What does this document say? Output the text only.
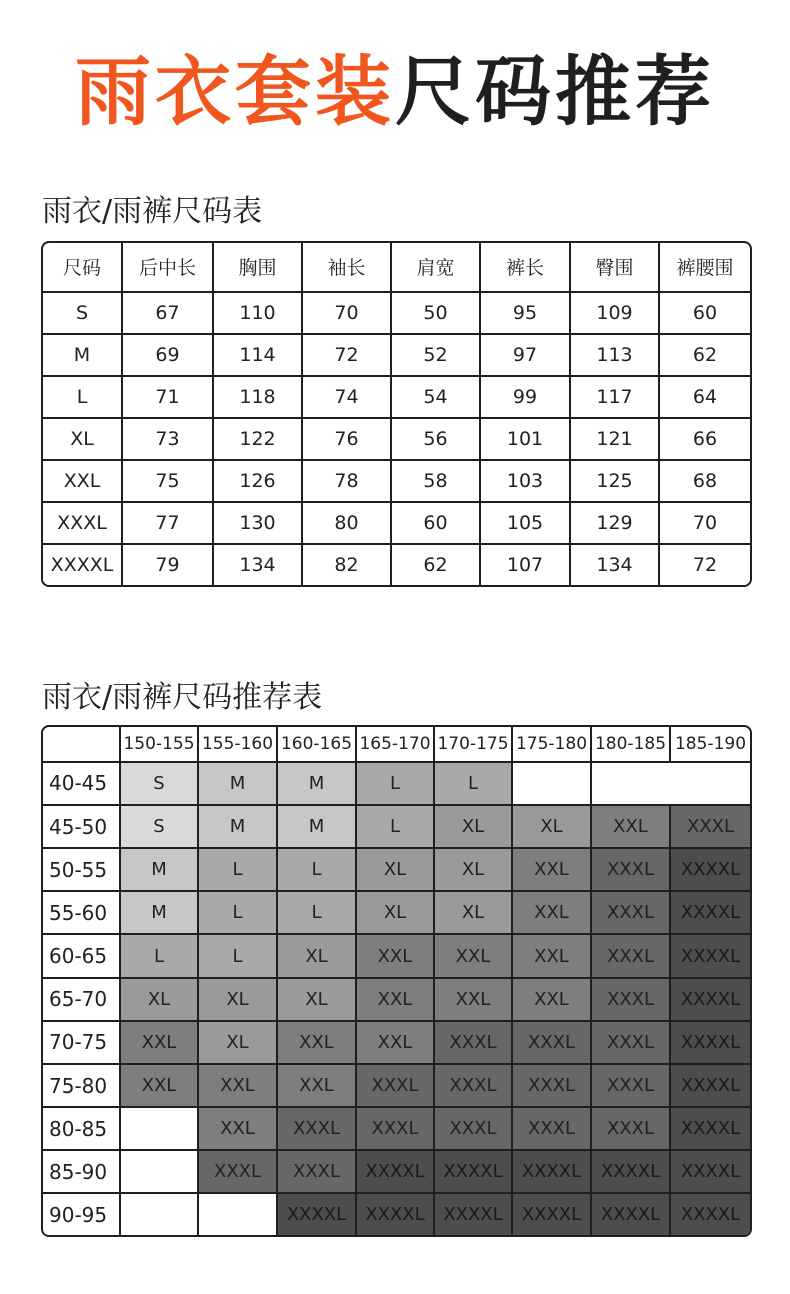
雨衣套装尺码推荐
雨衣/雨裤尺码表
尺码	后中长	胸围	袖长	肩宽	裤长	臀围	裤腰围
S	67	110	70	50	95	109	60
M	69	114	72	52	97	113	62
L	71	118	74	54	99	117	64
XL	73	122	76	56	101	121	66
XXL	75	126	78	58	103	125	68
XXXL	77	130	80	60	105	129	70
XXXXL	79	134	82	62	107	134	72
雨衣/雨裤尺码推荐表
	150-155	155-160	160-165	165-170	170-175	175-180	180-185	185-190
40-45	S	M	M	L	L			
45-50	S	M	M	L	XL	XL	XXL	XXXL
50-55	M	L	L	XL	XL	XXL	XXXL	XXXXL
55-60	M	L	L	XL	XL	XXL	XXXL	XXXXL
60-65	L	L	XL	XXL	XXL	XXL	XXXL	XXXXL
65-70	XL	XL	XL	XXL	XXL	XXL	XXXL	XXXXL
70-75	XXL	XL	XXL	XXL	XXXL	XXXL	XXXL	XXXXL
75-80	XXL	XXL	XXL	XXXL	XXXL	XXXL	XXXL	XXXXL
80-85		XXL	XXXL	XXXL	XXXL	XXXL	XXXL	XXXXL
85-90		XXXL	XXXL	XXXXL	XXXXL	XXXXL	XXXXL	XXXXL
90-95			XXXXL	XXXXL	XXXXL	XXXXL	XXXXL	XXXXL
